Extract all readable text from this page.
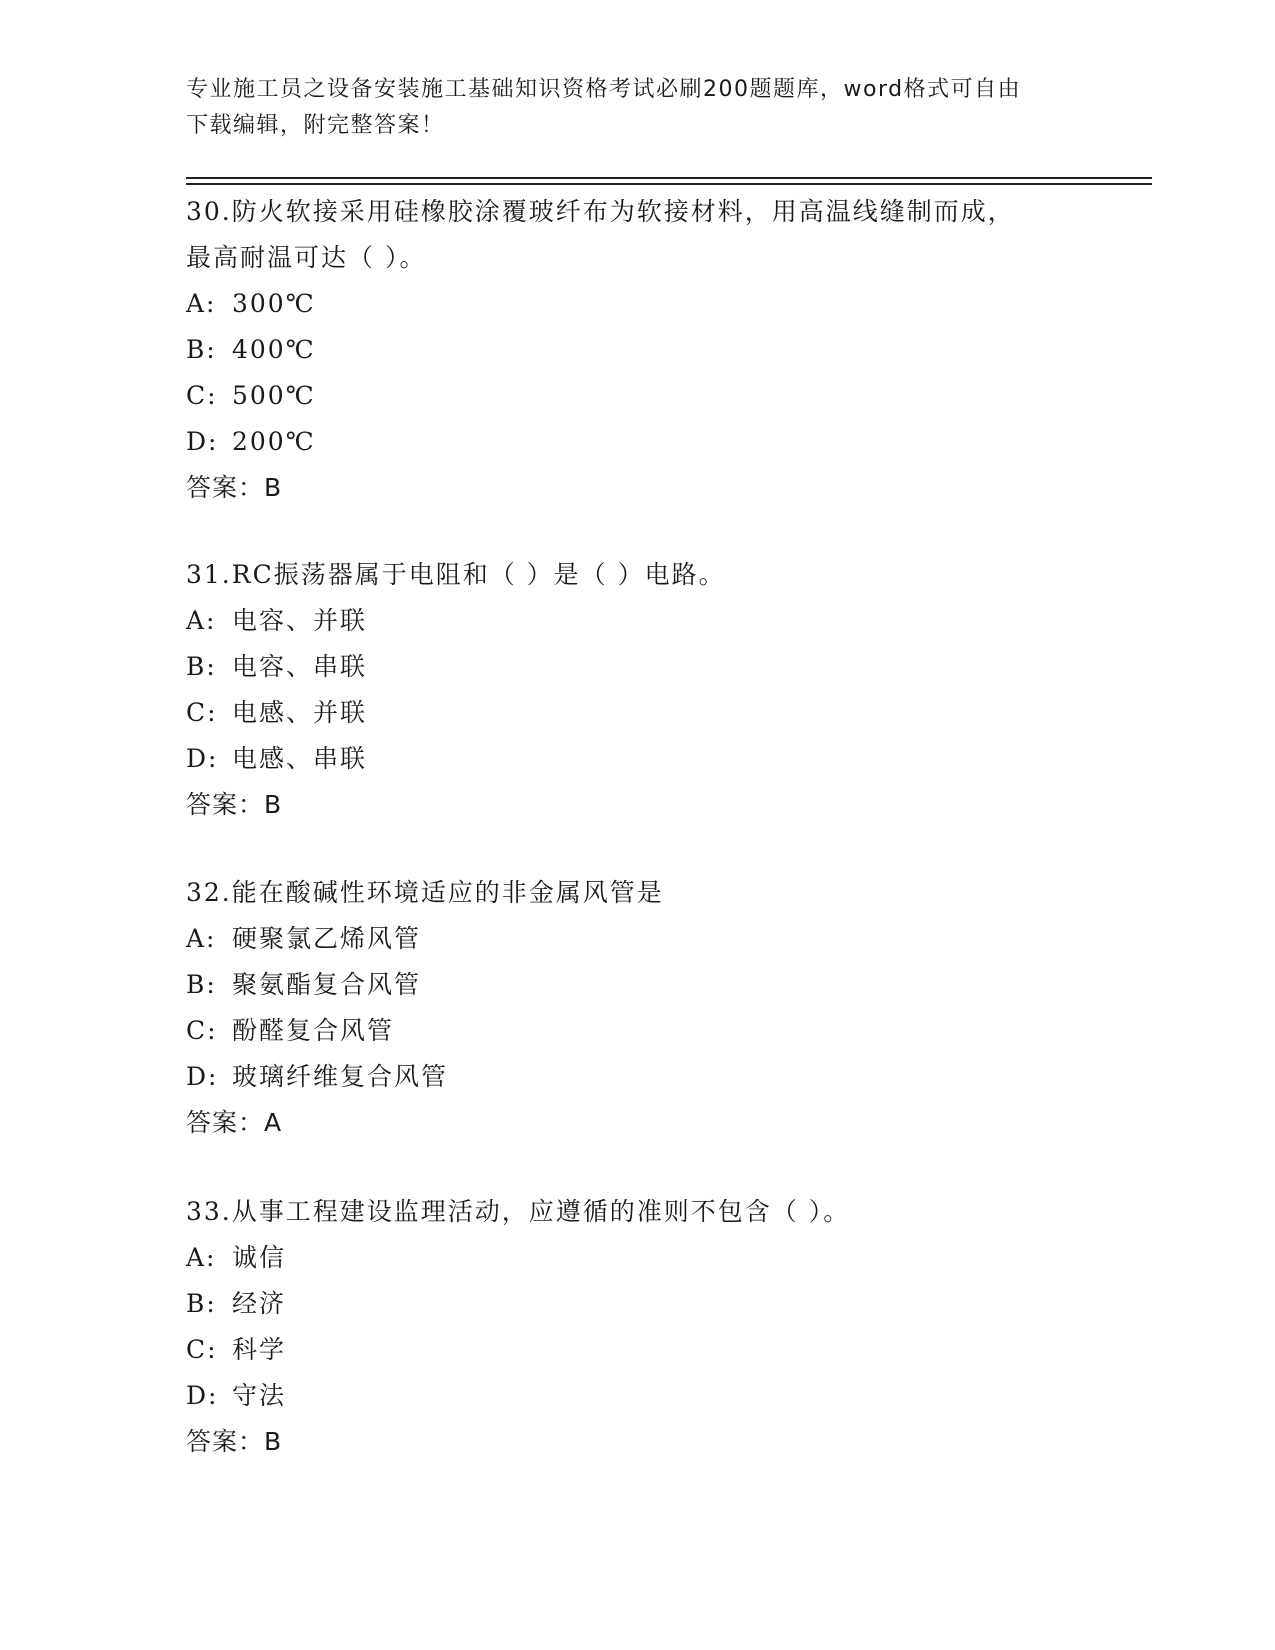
专业施工员之设备安装施工基础知识资格考试必刷200题题库，word格式可自由
下载编辑，附完整答案！
30.防火软接采用硅橡胶涂覆玻纤布为软接材料，用高温线缝制而成，
最高耐温可达（ ）。
A: 300℃
B: 400℃
C: 500℃
D: 200℃
答案：B
31.RC振荡器属于电阻和（ ）是（ ）电路。
A: 电容、并联
B: 电容、串联
C: 电感、并联
D: 电感、串联
答案：B
32.能在酸碱性环境适应的非金属风管是
A: 硬聚氯乙烯风管
B: 聚氨酯复合风管
C: 酚醛复合风管
D: 玻璃纤维复合风管
答案：A
33.从事工程建设监理活动，应遵循的准则不包含（ ）。
A: 诚信
B: 经济
C: 科学
D: 守法
答案：B
